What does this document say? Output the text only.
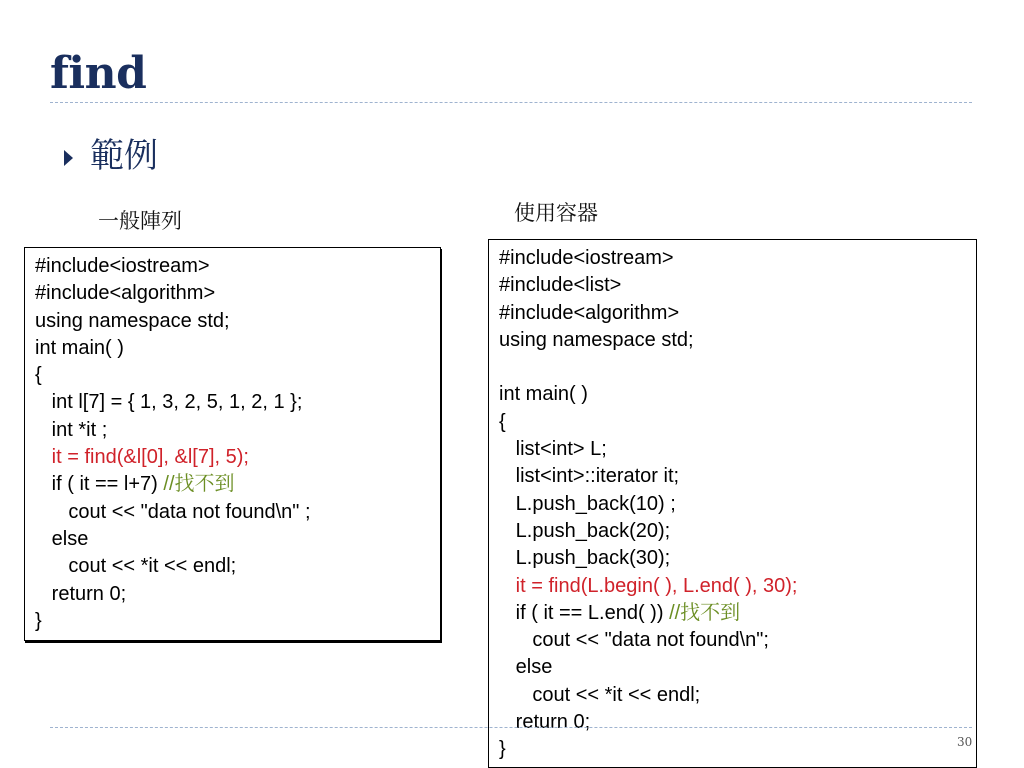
find
範例
一般陣列	使用容器
#include<iostream>
#include<algorithm>
using namespace std;
int main( )
{
int l[7] = { 1, 3, 2, 5, 1, 2, 1 };
int *it ;
it = find(&l[0], &l[7], 5);
if ( it == l+7) //找不到
cout << "data not found\n" ;
else
cout << *it << endl;
return 0;
}
#include<iostream>
#include<list>
#include<algorithm>
using namespace std;
int main( )
{
list<int> L;
list<int>::iterator it;
L.push_back(10) ;
L.push_back(20);
L.push_back(30);
it = find(L.begin( ), L.end( ), 30);
if ( it == L.end( )) //找不到
cout << "data not found\n";
else
cout << *it << endl;
return 0;
}	30
